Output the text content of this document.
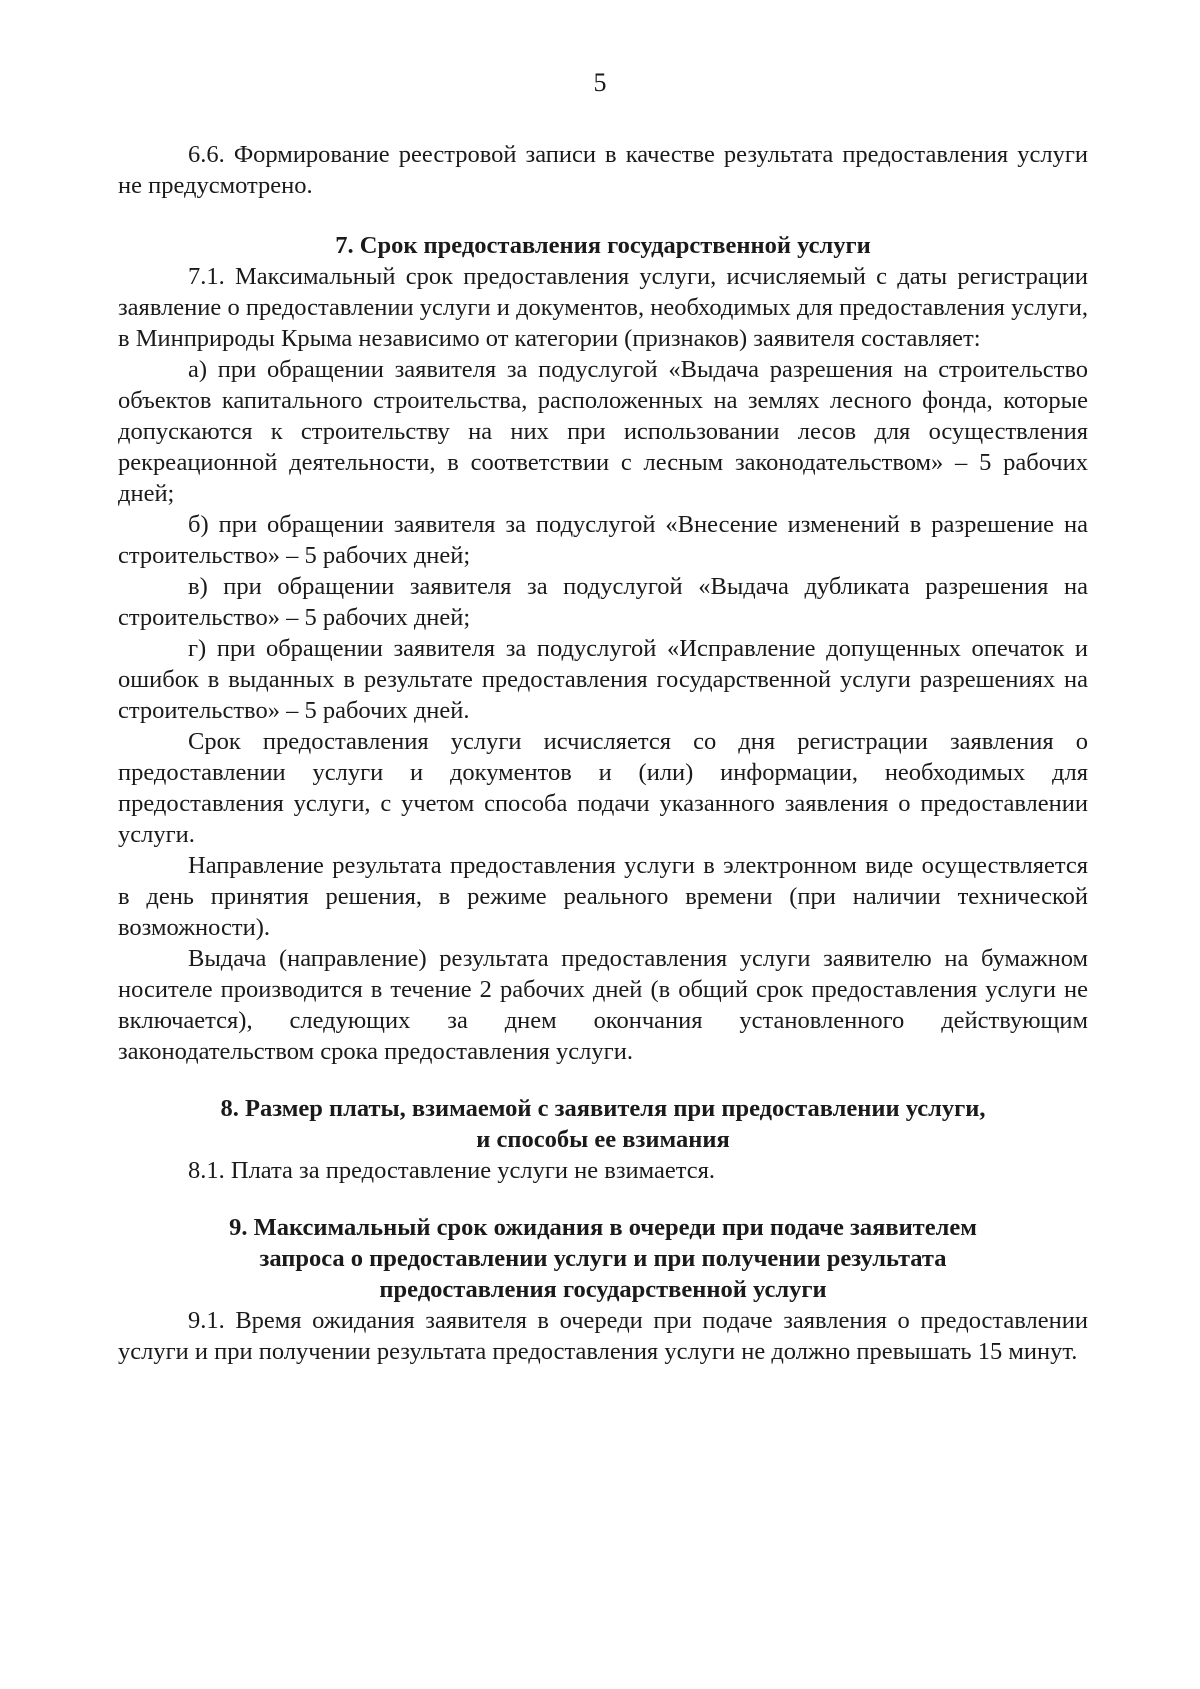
5

6.6. Формирование реестровой записи в качестве результата предоставления услуги не предусмотрено.

7. Срок предоставления государственной услуги

7.1. Максимальный срок предоставления услуги, исчисляемый с даты регистрации заявление о предоставлении услуги и документов, необходимых для предоставления услуги, в Минприроды Крыма независимо от категории (признаков) заявителя составляет:

а) при обращении заявителя за подуслугой «Выдача разрешения на строительство объектов капитального строительства, расположенных на землях лесного фонда, которые допускаются к строительству на них при использовании лесов для осуществления рекреационной деятельности, в соответствии с лесным законодательством» – 5 рабочих дней;

б) при обращении заявителя за подуслугой «Внесение изменений в разрешение на строительство» – 5 рабочих дней;

в) при обращении заявителя за подуслугой «Выдача дубликата разрешения на строительство» – 5 рабочих дней;

г) при обращении заявителя за подуслугой «Исправление допущенных опечаток и ошибок в выданных в результате предоставления государственной услуги разрешениях на строительство» – 5 рабочих дней.

Срок предоставления услуги исчисляется со дня регистрации заявления о предоставлении услуги и документов и (или) информации, необходимых для предоставления услуги, с учетом способа подачи указанного заявления о предоставлении услуги.

Направление результата предоставления услуги в электронном виде осуществляется в день принятия решения, в режиме реального времени (при наличии технической возможности).

Выдача (направление) результата предоставления услуги заявителю на бумажном носителе производится в течение 2 рабочих дней (в общий срок предоставления услуги не включается), следующих за днем окончания установленного действующим законодательством срока предоставления услуги.

8. Размер платы, взимаемой с заявителя при предоставлении услуги,

и способы ее взимания

8.1. Плата за предоставление услуги не взимается.

9. Максимальный срок ожидания в очереди при подаче заявителем

запроса о предоставлении услуги и при получении результата

предоставления государственной услуги

9.1. Время ожидания заявителя в очереди при подаче заявления о предоставлении услуги и при получении результата предоставления услуги не должно превышать 15 минут.
